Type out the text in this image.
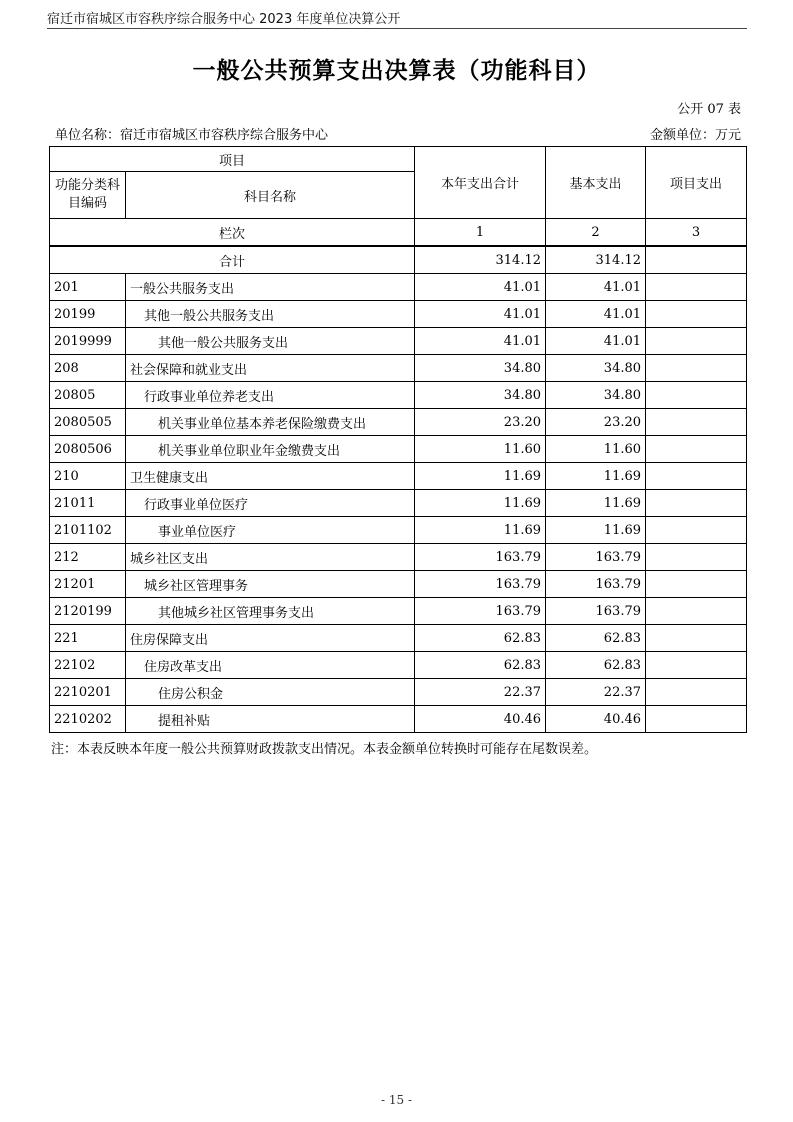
宿迁市宿城区市容秩序综合服务中心 2023 年度单位决算公开
一般公共预算支出决算表（功能科目）
公开 07 表
单位名称：宿迁市宿城区市容秩序综合服务中心	金额单位：万元
项目		本年支出合计	基本支出	项目支出
功能分类科目编码	科目名称			
栏次		1	2	3
合计		314.12	314.12	
201	一般公共服务支出	41.01	41.01	
20199	其他一般公共服务支出	41.01	41.01	
2019999	其他一般公共服务支出	41.01	41.01	
208	社会保障和就业支出	34.80	34.80	
20805	行政事业单位养老支出	34.80	34.80	
2080505	机关事业单位基本养老保险缴费支出	23.20	23.20	
2080506	机关事业单位职业年金缴费支出	11.60	11.60	
210	卫生健康支出	11.69	11.69	
21011	行政事业单位医疗	11.69	11.69	
2101102	事业单位医疗	11.69	11.69	
212	城乡社区支出	163.79	163.79	
21201	城乡社区管理事务	163.79	163.79	
2120199	其他城乡社区管理事务支出	163.79	163.79	
221	住房保障支出	62.83	62.83	
22102	住房改革支出	62.83	62.83	
2210201	住房公积金	22.37	22.37	
2210202	提租补贴	40.46	40.46	
注：本表反映本年度一般公共预算财政拨款支出情况。本表金额单位转换时可能存在尾数误差。
- 15 -
